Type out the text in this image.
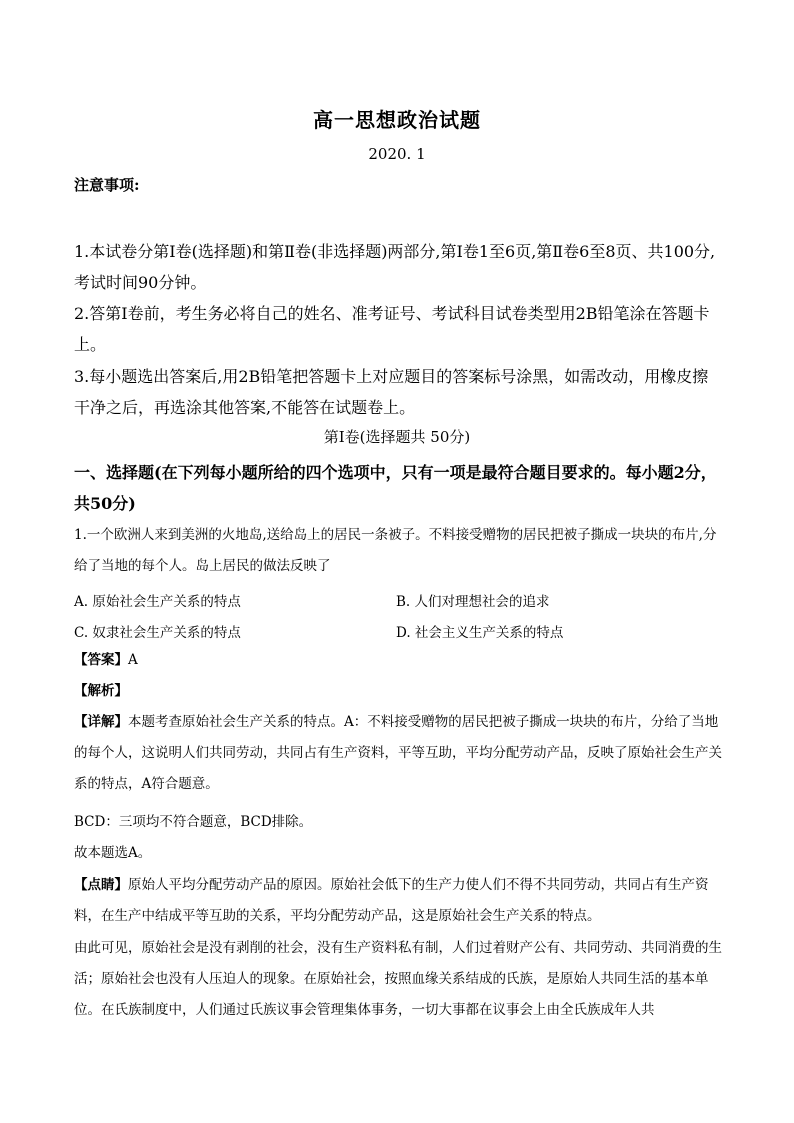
高一思想政治试题
2020. 1
注意事项:

1.本试卷分第Ⅰ卷(选择题)和第Ⅱ卷(非选择题)两部分,第Ⅰ卷1至6页,第Ⅱ卷6至8页、共100分,考试时间90分钟。

2.答第Ⅰ卷前，考生务必将自己的姓名、准考证号、考试科目试卷类型用2B铅笔涂在答题卡上。

3.每小题选出答案后,用2B铅笔把答题卡上对应题目的答案标号涂黑，如需改动，用橡皮擦干净之后，再选涂其他答案,不能答在试题卷上。

第Ⅰ卷(选择题共 50分)

一、选择题(在下列每小题所给的四个选项中，只有一项是最符合题目要求的。每小题2分，共50分)

1.一个欧洲人来到美洲的火地岛,送给岛上的居民一条被子。不料接受赠物的居民把被子撕成一块块的布片,分给了当地的每个人。岛上居民的做法反映了

A. 原始社会生产关系的特点	B. 人们对理想社会的追求
C. 奴隶社会生产关系的特点	D. 社会主义生产关系的特点

【答案】A

【解析】

【详解】本题考查原始社会生产关系的特点。A：不料接受赠物的居民把被子撕成一块块的布片，分给了当地的每个人，这说明人们共同劳动，共同占有生产资料，平等互助，平均分配劳动产品，反映了原始社会生产关系的特点，A符合题意。

BCD：三项均不符合题意，BCD排除。

故本题选A。

【点睛】原始人平均分配劳动产品的原因。原始社会低下的生产力使人们不得不共同劳动，共同占有生产资料，在生产中结成平等互助的关系，平均分配劳动产品，这是原始社会生产关系的特点。

由此可见，原始社会是没有剥削的社会，没有生产资料私有制，人们过着财产公有、共同劳动、共同消费的生活；原始社会也没有人压迫人的现象。在原始社会，按照血缘关系结成的氏族，是原始人共同生活的基本单位。在氏族制度中，人们通过氏族议事会管理集体事务，一切大事都在议事会上由全氏族成年人共
